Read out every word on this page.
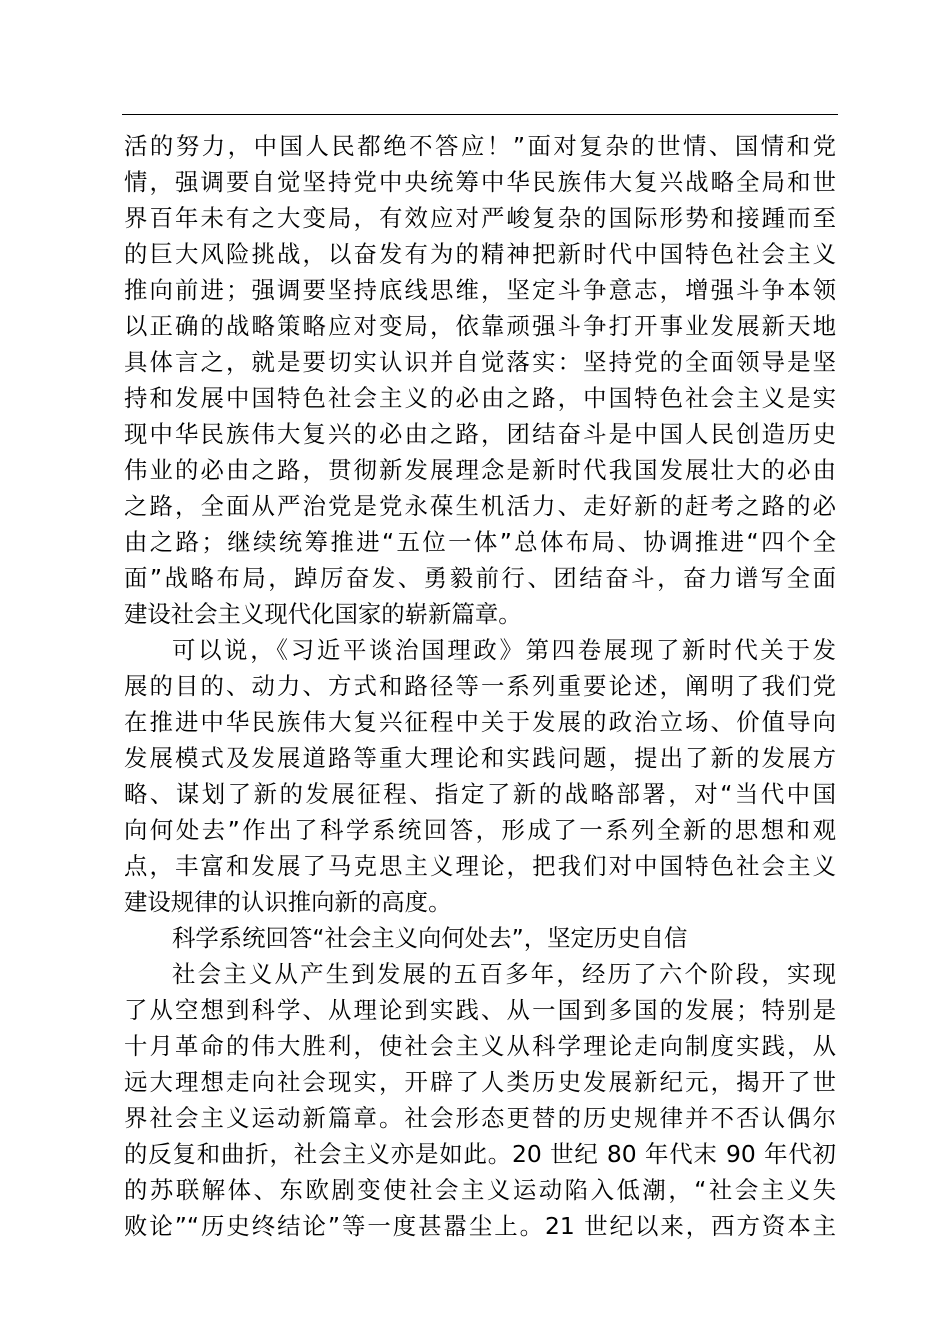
活的努力，中国人民都绝不答应！”面对复杂的世情、国情和党
情，强调要自觉坚持党中央统筹中华民族伟大复兴战略全局和世
界百年未有之大变局，有效应对严峻复杂的国际形势和接踵而至
的巨大风险挑战，以奋发有为的精神把新时代中国特色社会主义
推向前进；强调要坚持底线思维，坚定斗争意志，增强斗争本领
以正确的战略策略应对变局，依靠顽强斗争打开事业发展新天地
具体言之，就是要切实认识并自觉落实：坚持党的全面领导是坚
持和发展中国特色社会主义的必由之路，中国特色社会主义是实
现中华民族伟大复兴的必由之路，团结奋斗是中国人民创造历史
伟业的必由之路，贯彻新发展理念是新时代我国发展壮大的必由
之路，全面从严治党是党永葆生机活力、走好新的赶考之路的必
由之路；继续统筹推进“五位一体”总体布局、协调推进“四个全
面”战略布局，踔厉奋发、勇毅前行、团结奋斗，奋力谱写全面
建设社会主义现代化国家的崭新篇章。
可以说，《习近平谈治国理政》第四卷展现了新时代关于发
展的目的、动力、方式和路径等一系列重要论述，阐明了我们党
在推进中华民族伟大复兴征程中关于发展的政治立场、价值导向
发展模式及发展道路等重大理论和实践问题，提出了新的发展方
略、谋划了新的发展征程、指定了新的战略部署，对“当代中国
向何处去”作出了科学系统回答，形成了一系列全新的思想和观
点，丰富和发展了马克思主义理论，把我们对中国特色社会主义
建设规律的认识推向新的高度。
科学系统回答“社会主义向何处去”，坚定历史自信
社会主义从产生到发展的五百多年，经历了六个阶段，实现
了从空想到科学、从理论到实践、从一国到多国的发展；特别是
十月革命的伟大胜利，使社会主义从科学理论走向制度实践，从
远大理想走向社会现实，开辟了人类历史发展新纪元，揭开了世
界社会主义运动新篇章。社会形态更替的历史规律并不否认偶尔
的反复和曲折，社会主义亦是如此。20 世纪 80 年代末 90 年代初
的苏联解体、东欧剧变使社会主义运动陷入低潮，“社会主义失
败论”“历史终结论”等一度甚嚣尘上。21 世纪以来，西方资本主
